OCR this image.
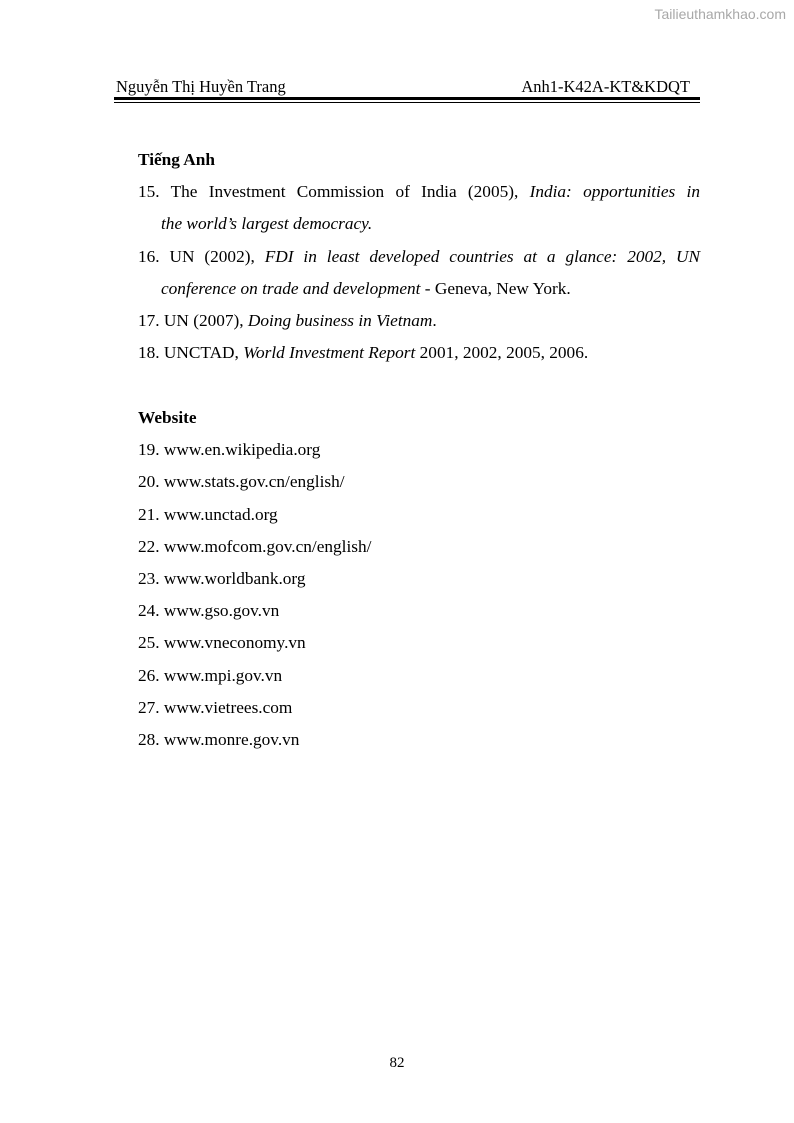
Tailieuthamkhao.com
Nguyễn Thị Huyền Trang	Anh1-K42A-KT&KDQT
Tiếng Anh
15. The Investment Commission of India (2005), India: opportunities in
the world’s largest democracy.
16. UN (2002), FDI in least developed countries at a glance: 2002, UN
conference on trade and development - Geneva, New York.
17. UN (2007), Doing business in Vietnam.
18. UNCTAD, World Investment Report 2001, 2002, 2005, 2006.
Website
19. www.en.wikipedia.org
20. www.stats.gov.cn/english/
21. www.unctad.org
22. www.mofcom.gov.cn/english/
23. www.worldbank.org
24. www.gso.gov.vn
25. www.vneconomy.vn
26. www.mpi.gov.vn
27. www.vietrees.com
28. www.monre.gov.vn
82
